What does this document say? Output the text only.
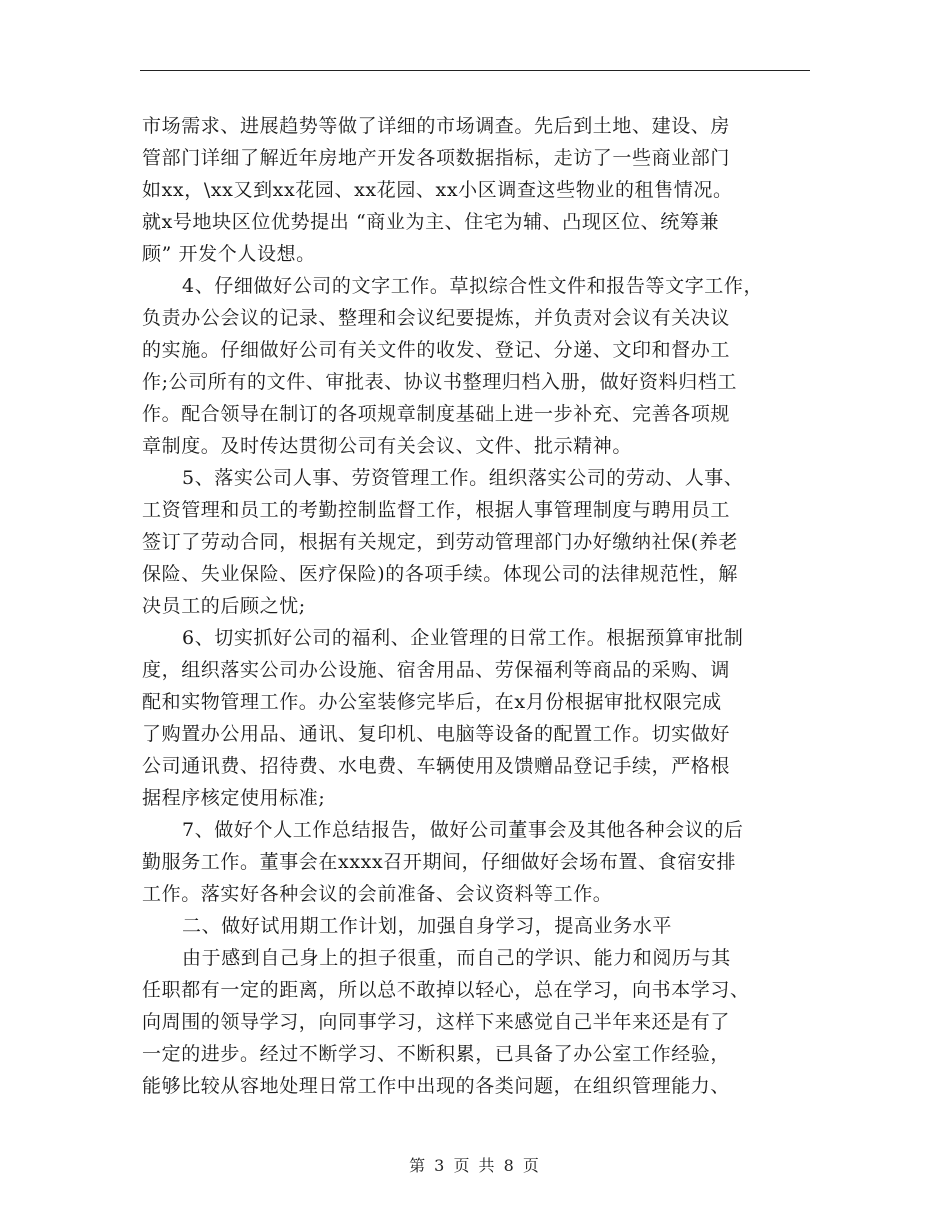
市场需求、进展趋势等做了详细的市场调查。先后到土地、建设、房
管部门详细了解近年房地产开发各项数据指标，走访了一些商业部门
如xx，\xx又到xx花园、xx花园、xx小区调查这些物业的租售情况。
就x号地块区位优势提出 “商业为主、住宅为辅、凸现区位、统筹兼
顾” 开发个人设想。
4、仔细做好公司的文字工作。草拟综合性文件和报告等文字工作，
负责办公会议的记录、整理和会议纪要提炼，并负责对会议有关决议
的实施。仔细做好公司有关文件的收发、登记、分递、文印和督办工
作;公司所有的文件、审批表、协议书整理归档入册，做好资料归档工
作。配合领导在制订的各项规章制度基础上进一步补充、完善各项规
章制度。及时传达贯彻公司有关会议、文件、批示精神。
5、落实公司人事、劳资管理工作。组织落实公司的劳动、人事、
工资管理和员工的考勤控制监督工作，根据人事管理制度与聘用员工
签订了劳动合同，根据有关规定，到劳动管理部门办好缴纳社保(养老
保险、失业保险、医疗保险)的各项手续。体现公司的法律规范性，解
决员工的后顾之忧;
6、切实抓好公司的福利、企业管理的日常工作。根据预算审批制
度，组织落实公司办公设施、宿舍用品、劳保福利等商品的采购、调
配和实物管理工作。办公室装修完毕后，在x月份根据审批权限完成
了购置办公用品、通讯、复印机、电脑等设备的配置工作。切实做好
公司通讯费、招待费、水电费、车辆使用及馈赠品登记手续，严格根
据程序核定使用标准;
7、做好个人工作总结报告，做好公司董事会及其他各种会议的后
勤服务工作。董事会在xxxx召开期间，仔细做好会场布置、食宿安排
工作。落实好各种会议的会前准备、会议资料等工作。
二、做好试用期工作计划，加强自身学习，提高业务水平
由于感到自己身上的担子很重，而自己的学识、能力和阅历与其
任职都有一定的距离，所以总不敢掉以轻心，总在学习，向书本学习、
向周围的领导学习，向同事学习，这样下来感觉自己半年来还是有了
一定的进步。经过不断学习、不断积累，已具备了办公室工作经验，
能够比较从容地处理日常工作中出现的各类问题，在组织管理能力、
第 3 页 共 8 页
